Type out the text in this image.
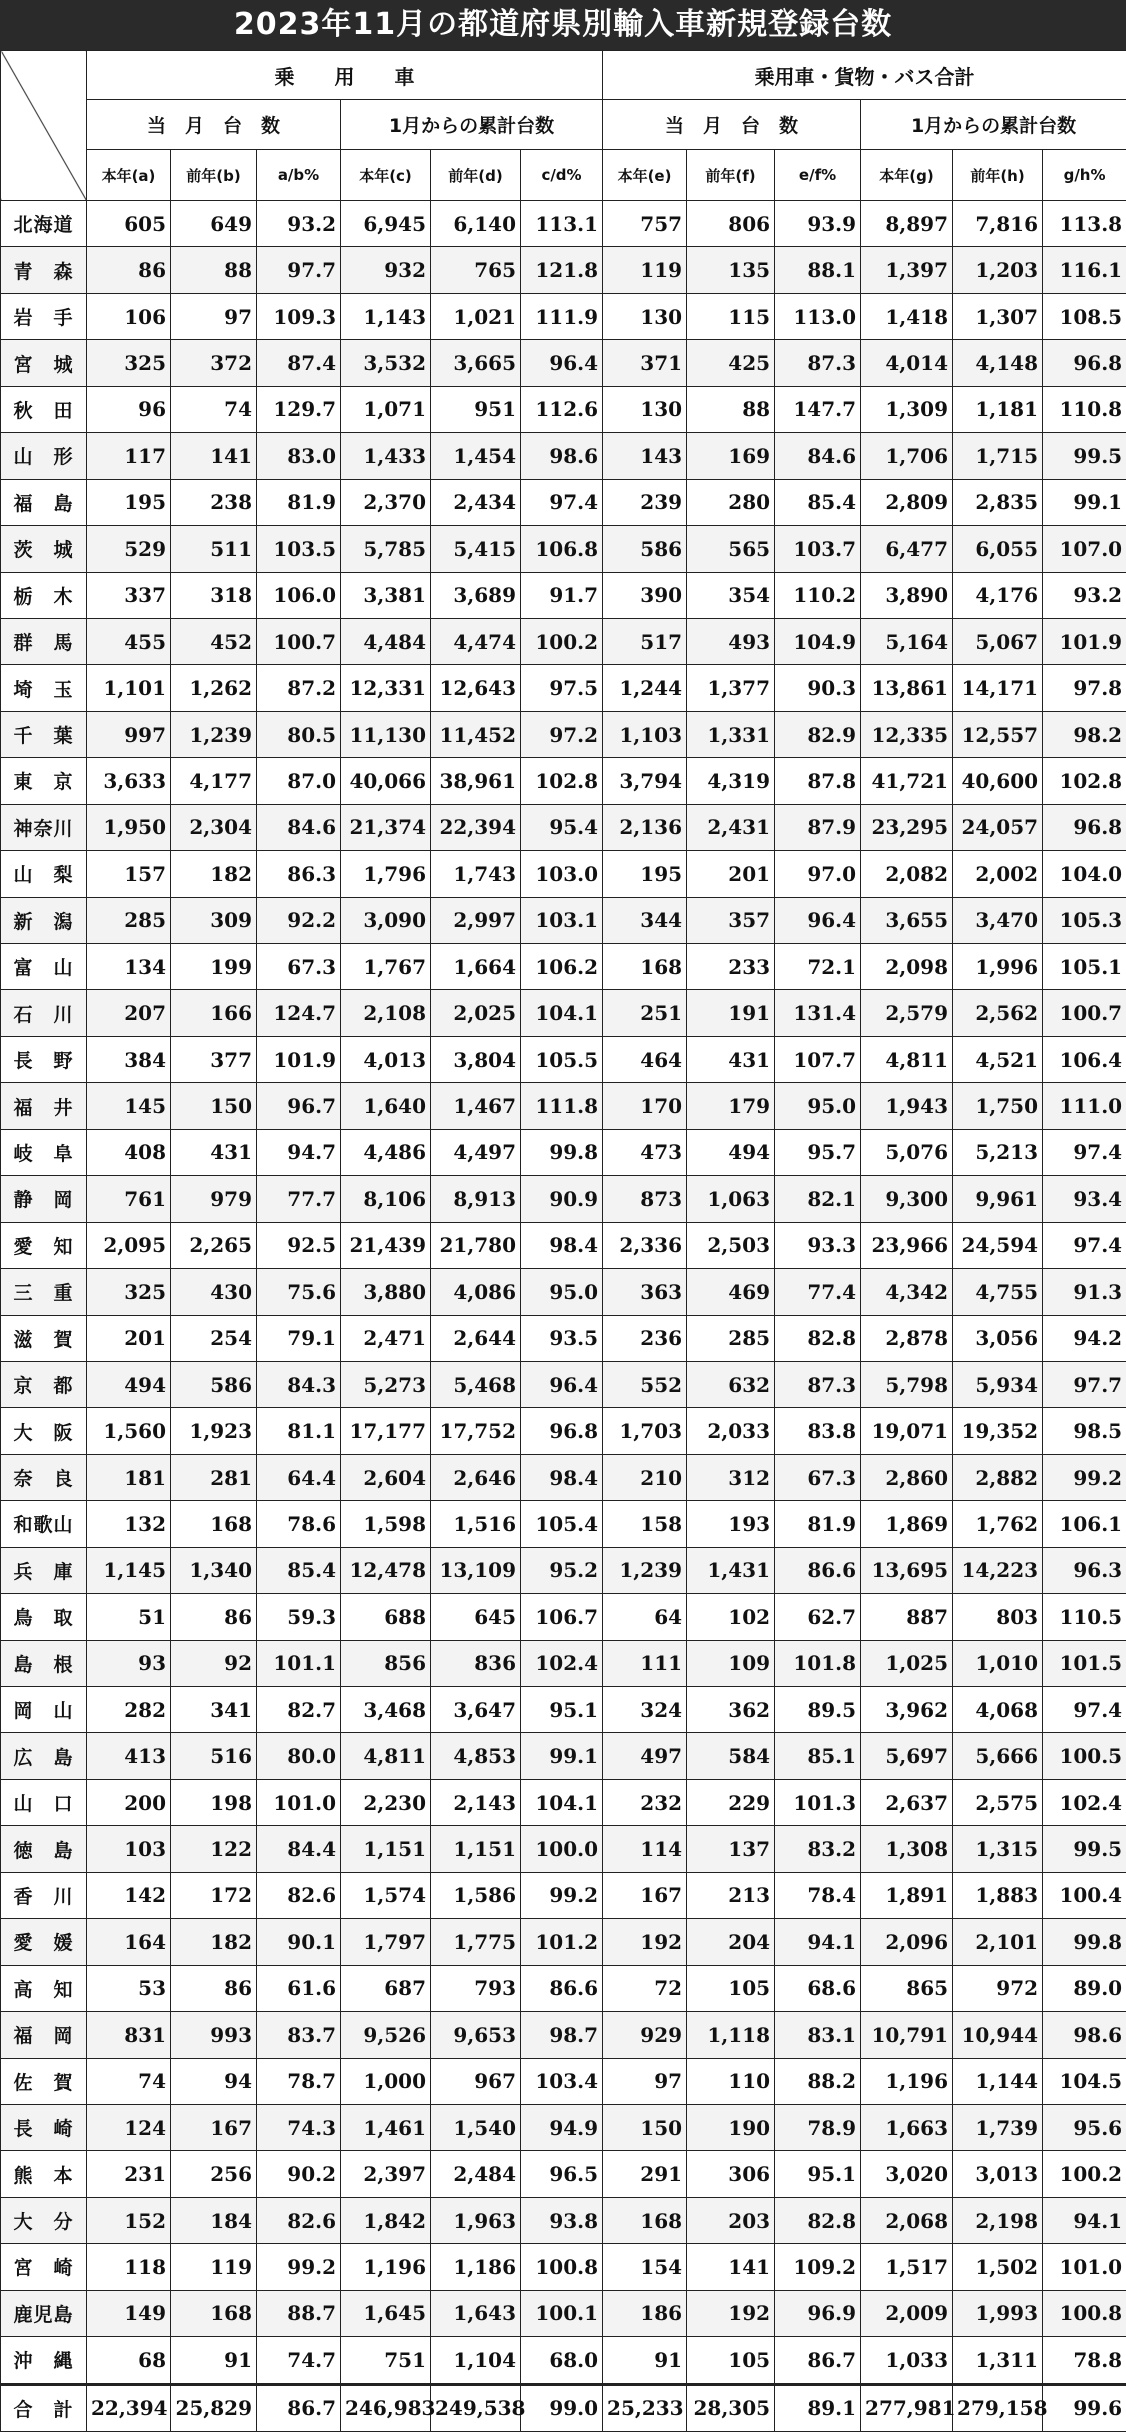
2023年11月の都道府県別輸入車新規登録台数
	乗　　用　　車						乗用車・貨物・バス合計					
	当　月　台　数			1月からの累計台数			当　月　台　数			1月からの累計台数		
	本年(a)	前年(b)	a/b%	本年(c)	前年(d)	c/d%	本年(e)	前年(f)	e/f%	本年(g)	前年(h)	g/h%
北海道	605	649	93.2	6,945	6,140	113.1	757	806	93.9	8,897	7,816	113.8
青　森	86	88	97.7	932	765	121.8	119	135	88.1	1,397	1,203	116.1
岩　手	106	97	109.3	1,143	1,021	111.9	130	115	113.0	1,418	1,307	108.5
宮　城	325	372	87.4	3,532	3,665	96.4	371	425	87.3	4,014	4,148	96.8
秋　田	96	74	129.7	1,071	951	112.6	130	88	147.7	1,309	1,181	110.8
山　形	117	141	83.0	1,433	1,454	98.6	143	169	84.6	1,706	1,715	99.5
福　島	195	238	81.9	2,370	2,434	97.4	239	280	85.4	2,809	2,835	99.1
茨　城	529	511	103.5	5,785	5,415	106.8	586	565	103.7	6,477	6,055	107.0
栃　木	337	318	106.0	3,381	3,689	91.7	390	354	110.2	3,890	4,176	93.2
群　馬	455	452	100.7	4,484	4,474	100.2	517	493	104.9	5,164	5,067	101.9
埼　玉	1,101	1,262	87.2	12,331	12,643	97.5	1,244	1,377	90.3	13,861	14,171	97.8
千　葉	997	1,239	80.5	11,130	11,452	97.2	1,103	1,331	82.9	12,335	12,557	98.2
東　京	3,633	4,177	87.0	40,066	38,961	102.8	3,794	4,319	87.8	41,721	40,600	102.8
神奈川	1,950	2,304	84.6	21,374	22,394	95.4	2,136	2,431	87.9	23,295	24,057	96.8
山　梨	157	182	86.3	1,796	1,743	103.0	195	201	97.0	2,082	2,002	104.0
新　潟	285	309	92.2	3,090	2,997	103.1	344	357	96.4	3,655	3,470	105.3
富　山	134	199	67.3	1,767	1,664	106.2	168	233	72.1	2,098	1,996	105.1
石　川	207	166	124.7	2,108	2,025	104.1	251	191	131.4	2,579	2,562	100.7
長　野	384	377	101.9	4,013	3,804	105.5	464	431	107.7	4,811	4,521	106.4
福　井	145	150	96.7	1,640	1,467	111.8	170	179	95.0	1,943	1,750	111.0
岐　阜	408	431	94.7	4,486	4,497	99.8	473	494	95.7	5,076	5,213	97.4
静　岡	761	979	77.7	8,106	8,913	90.9	873	1,063	82.1	9,300	9,961	93.4
愛　知	2,095	2,265	92.5	21,439	21,780	98.4	2,336	2,503	93.3	23,966	24,594	97.4
三　重	325	430	75.6	3,880	4,086	95.0	363	469	77.4	4,342	4,755	91.3
滋　賀	201	254	79.1	2,471	2,644	93.5	236	285	82.8	2,878	3,056	94.2
京　都	494	586	84.3	5,273	5,468	96.4	552	632	87.3	5,798	5,934	97.7
大　阪	1,560	1,923	81.1	17,177	17,752	96.8	1,703	2,033	83.8	19,071	19,352	98.5
奈　良	181	281	64.4	2,604	2,646	98.4	210	312	67.3	2,860	2,882	99.2
和歌山	132	168	78.6	1,598	1,516	105.4	158	193	81.9	1,869	1,762	106.1
兵　庫	1,145	1,340	85.4	12,478	13,109	95.2	1,239	1,431	86.6	13,695	14,223	96.3
鳥　取	51	86	59.3	688	645	106.7	64	102	62.7	887	803	110.5
島　根	93	92	101.1	856	836	102.4	111	109	101.8	1,025	1,010	101.5
岡　山	282	341	82.7	3,468	3,647	95.1	324	362	89.5	3,962	4,068	97.4
広　島	413	516	80.0	4,811	4,853	99.1	497	584	85.1	5,697	5,666	100.5
山　口	200	198	101.0	2,230	2,143	104.1	232	229	101.3	2,637	2,575	102.4
徳　島	103	122	84.4	1,151	1,151	100.0	114	137	83.2	1,308	1,315	99.5
香　川	142	172	82.6	1,574	1,586	99.2	167	213	78.4	1,891	1,883	100.4
愛　媛	164	182	90.1	1,797	1,775	101.2	192	204	94.1	2,096	2,101	99.8
高　知	53	86	61.6	687	793	86.6	72	105	68.6	865	972	89.0
福　岡	831	993	83.7	9,526	9,653	98.7	929	1,118	83.1	10,791	10,944	98.6
佐　賀	74	94	78.7	1,000	967	103.4	97	110	88.2	1,196	1,144	104.5
長　崎	124	167	74.3	1,461	1,540	94.9	150	190	78.9	1,663	1,739	95.6
熊　本	231	256	90.2	2,397	2,484	96.5	291	306	95.1	3,020	3,013	100.2
大　分	152	184	82.6	1,842	1,963	93.8	168	203	82.8	2,068	2,198	94.1
宮　崎	118	119	99.2	1,196	1,186	100.8	154	141	109.2	1,517	1,502	101.0
鹿児島	149	168	88.7	1,645	1,643	100.1	186	192	96.9	2,009	1,993	100.8
沖　縄	68	91	74.7	751	1,104	68.0	91	105	86.7	1,033	1,311	78.8
合　計	22,394	25,829	86.7	246,983	249,538	99.0	25,233	28,305	89.1	277,981	279,158	99.6
